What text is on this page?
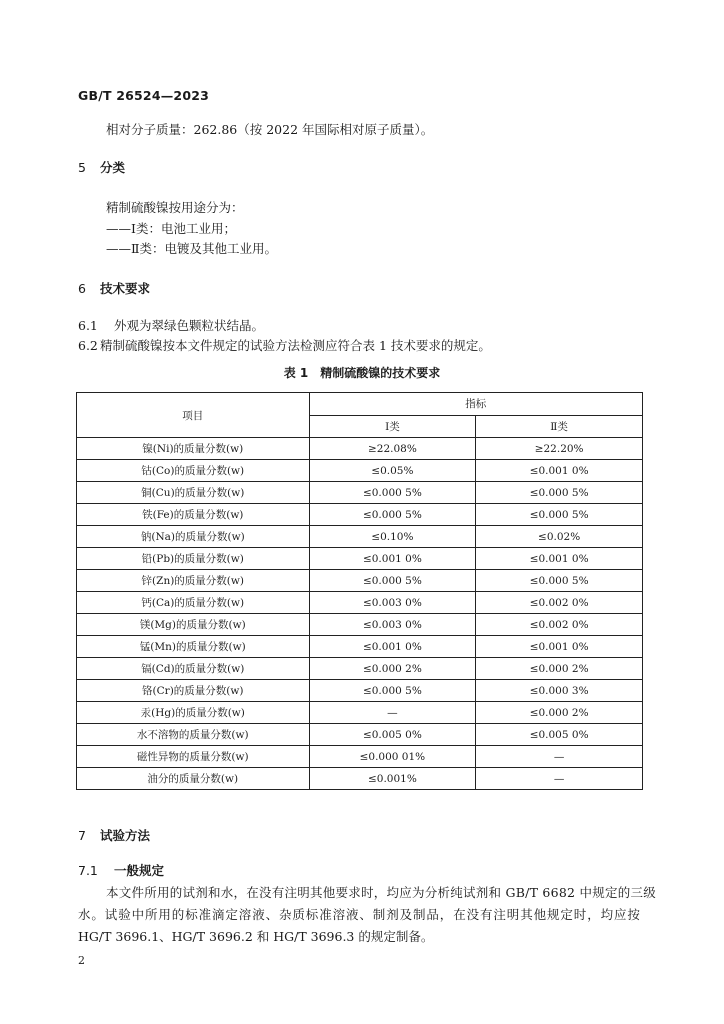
GB/T 26524—2023
相对分子质量：262.86（按 2022 年国际相对原子质量）。
5 分类
精制硫酸镍按用途分为：
——Ⅰ类：电池工业用；
——Ⅱ类：电镀及其他工业用。
6 技术要求
6.1 外观为翠绿色颗粒状结晶。
6.2 精制硫酸镍按本文件规定的试验方法检测应符合表 1 技术要求的规定。
表 1　精制硫酸镍的技术要求
项目	指标	
	Ⅰ类	Ⅱ类
镍(Ni)的质量分数(w)	≥22.08%	≥22.20%
钴(Co)的质量分数(w)	≤0.05%	≤0.001 0%
铜(Cu)的质量分数(w)	≤0.000 5%	≤0.000 5%
铁(Fe)的质量分数(w)	≤0.000 5%	≤0.000 5%
钠(Na)的质量分数(w)	≤0.10%	≤0.02%
铅(Pb)的质量分数(w)	≤0.001 0%	≤0.001 0%
锌(Zn)的质量分数(w)	≤0.000 5%	≤0.000 5%
钙(Ca)的质量分数(w)	≤0.003 0%	≤0.002 0%
镁(Mg)的质量分数(w)	≤0.003 0%	≤0.002 0%
锰(Mn)的质量分数(w)	≤0.001 0%	≤0.001 0%
镉(Cd)的质量分数(w)	≤0.000 2%	≤0.000 2%
铬(Cr)的质量分数(w)	≤0.000 5%	≤0.000 3%
汞(Hg)的质量分数(w)	—	≤0.000 2%
水不溶物的质量分数(w)	≤0.005 0%	≤0.005 0%
磁性异物的质量分数(w)	≤0.000 01%	—
油分的质量分数(w)	≤0.001%	—
7 试验方法
7.1 一般规定
本文件所用的试剂和水，在没有注明其他要求时，均应为分析纯试剂和 GB/T 6682 中规定的三级
水。试验中所用的标准滴定溶液、杂质标准溶液、制剂及制品，在没有注明其他规定时，均应按
HG/T 3696.1、HG/T 3696.2 和 HG/T 3696.3 的规定制备。
2
